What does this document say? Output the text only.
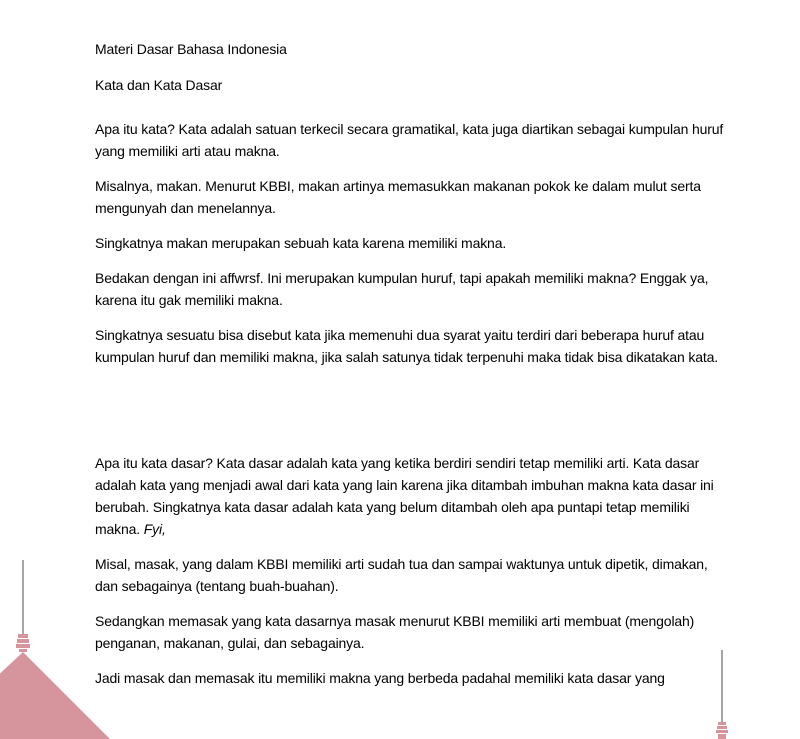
Materi Dasar Bahasa Indonesia

Kata dan Kata Dasar

Apa itu kata? Kata adalah satuan terkecil secara gramatikal, kata juga diartikan sebagai kumpulan huruf yang memiliki arti atau makna.

Misalnya, makan. Menurut KBBI, makan artinya memasukkan makanan pokok ke dalam mulut serta mengunyah dan menelannya.

Singkatnya makan merupakan sebuah kata karena memiliki makna.

Bedakan dengan ini affwrsf. Ini merupakan kumpulan huruf, tapi apakah memiliki makna? Enggak ya, karena itu gak memiliki makna.

Singkatnya sesuatu bisa disebut kata jika memenuhi dua syarat yaitu terdiri dari beberapa huruf atau kumpulan huruf dan memiliki makna, jika salah satunya tidak terpenuhi maka tidak bisa dikatakan kata.

Apa itu kata dasar? Kata dasar adalah kata yang ketika berdiri sendiri tetap memiliki arti. Kata dasar adalah kata yang menjadi awal dari kata yang lain karena jika ditambah imbuhan makna kata dasar ini berubah. Singkatnya kata dasar adalah kata yang belum ditambah oleh apa puntapi tetap memiliki makna. Fyi,

Misal, masak, yang dalam KBBI memiliki arti sudah tua dan sampai waktunya untuk dipetik, dimakan, dan sebagainya (tentang buah-buahan).

Sedangkan memasak yang kata dasarnya masak menurut KBBI memiliki arti membuat (mengolah) penganan, makanan, gulai, dan sebagainya.

Jadi masak dan memasak itu memiliki makna yang berbeda padahal memiliki kata dasar yang
